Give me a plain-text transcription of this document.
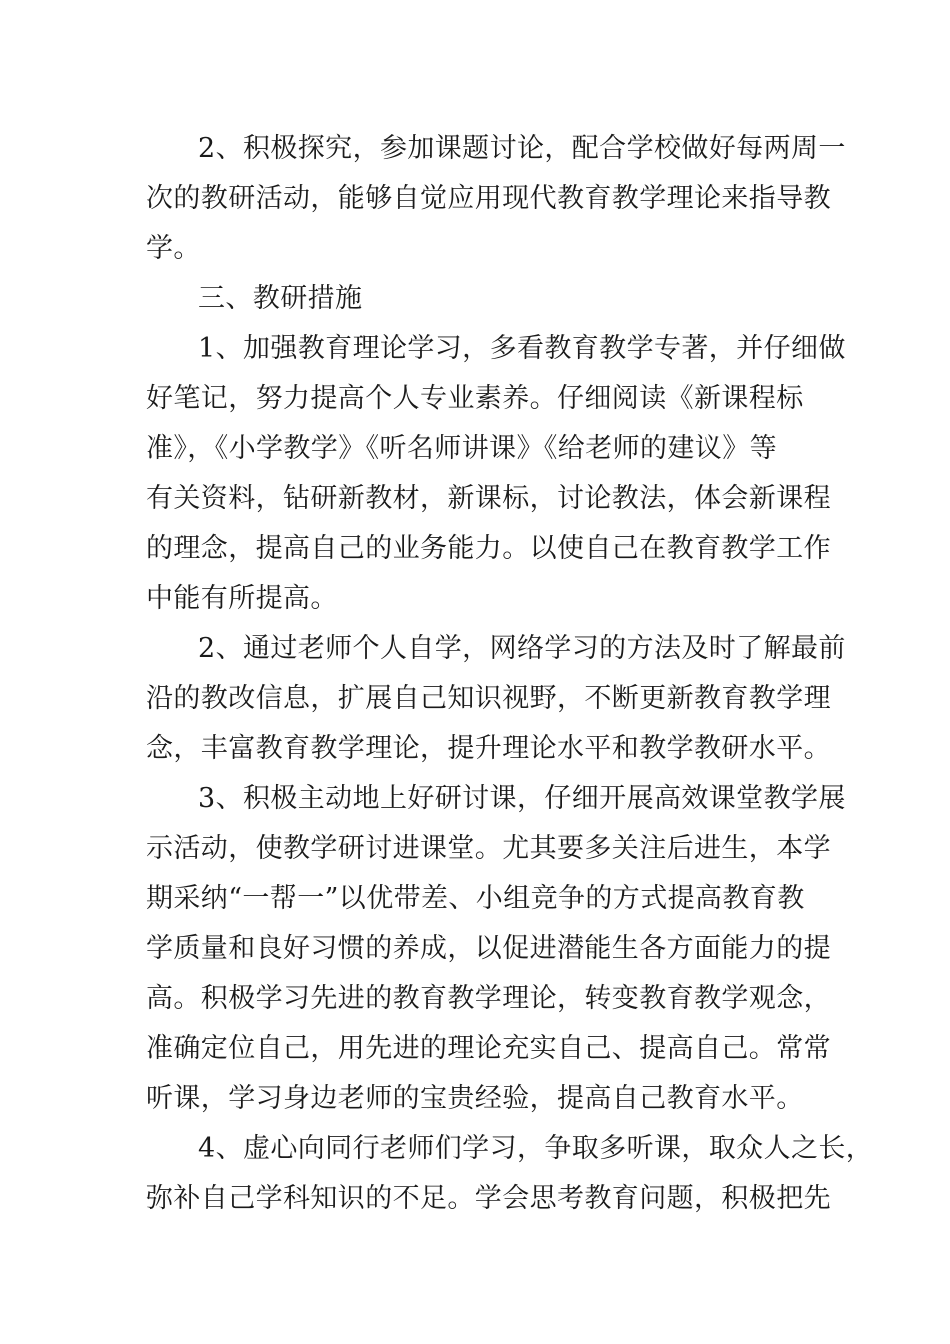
2、积极探究，参加课题讨论，配合学校做好每两周一
次的教研活动，能够自觉应用现代教育教学理论来指导教
学。
三、教研措施
1、加强教育理论学习，多看教育教学专著，并仔细做
好笔记，努力提高个人专业素养。仔细阅读《新课程标
准》，《小学教学》《听名师讲课》《给老师的建议》等
有关资料，钻研新教材，新课标，讨论教法，体会新课程
的理念，提高自己的业务能力。以使自己在教育教学工作
中能有所提高。
2、通过老师个人自学，网络学习的方法及时了解最前
沿的教改信息，扩展自己知识视野，不断更新教育教学理
念，丰富教育教学理论，提升理论水平和教学教研水平。
3、积极主动地上好研讨课，仔细开展高效课堂教学展
示活动，使教学研讨进课堂。尤其要多关注后进生，本学
期采纳“一帮一”以优带差、小组竞争的方式提高教育教
学质量和良好习惯的养成，以促进潜能生各方面能力的提
高。积极学习先进的教育教学理论，转变教育教学观念，
准确定位自己，用先进的理论充实自己、提高自己。常常
听课，学习身边老师的宝贵经验，提高自己教育水平。
4、虚心向同行老师们学习，争取多听课，取众人之长，
弥补自己学科知识的不足。学会思考教育问题，积极把先
